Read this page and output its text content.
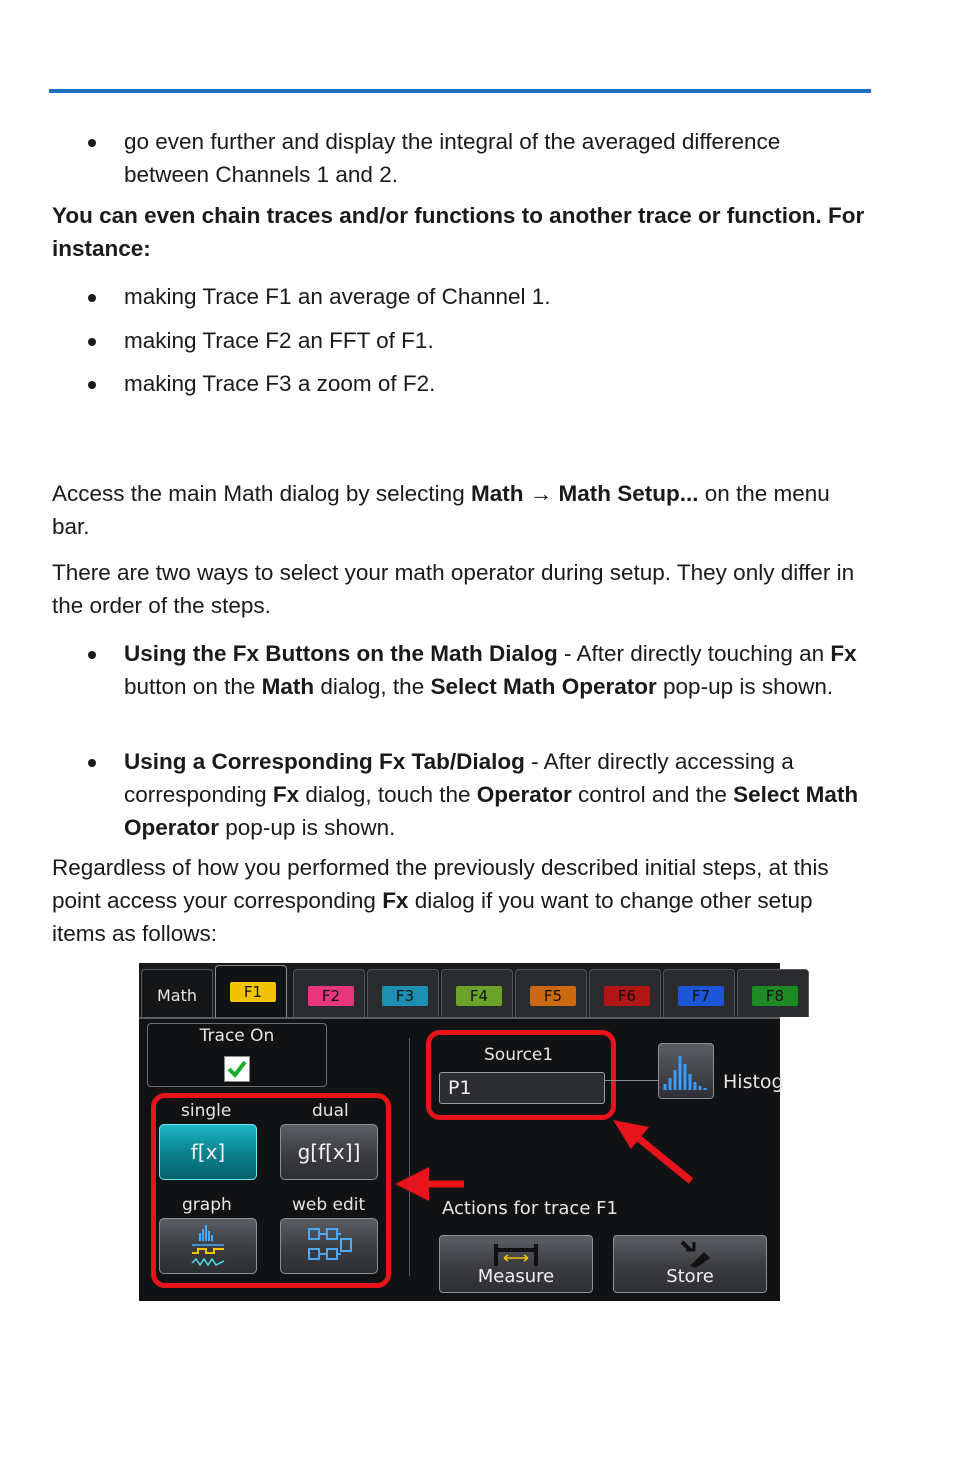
go even further and display the integral of the averaged difference between Channels 1 and 2.
You can even chain traces and/or functions to another trace or function. For instance:
making Trace F1 an average of Channel 1.
making Trace F2 an FFT of F1.
making Trace F3 a zoom of F2.
Access the main Math dialog by selecting Math → Math Setup... on the menu bar.
There are two ways to select your math operator during setup. They only differ in the order of the steps.
Using the Fx Buttons on the Math Dialog - After directly touching an Fx button on the Math dialog, the Select Math Operator pop-up is shown.
Using a Corresponding Fx Tab/Dialog - After directly accessing a corresponding Fx dialog, touch the Operator control and the Select Math Operator pop-up is shown.
Regardless of how you performed the previously described initial steps, at this point access your corresponding Fx dialog if you want to change other setup items as follows:
Math	F1	F2	F3	F4	F5	F6	F7	F8
Trace On
single	dual
f[x]	g[f[x]]
graph	web edit
Source1
P1	Histog
Actions for trace F1
Measure	Store
